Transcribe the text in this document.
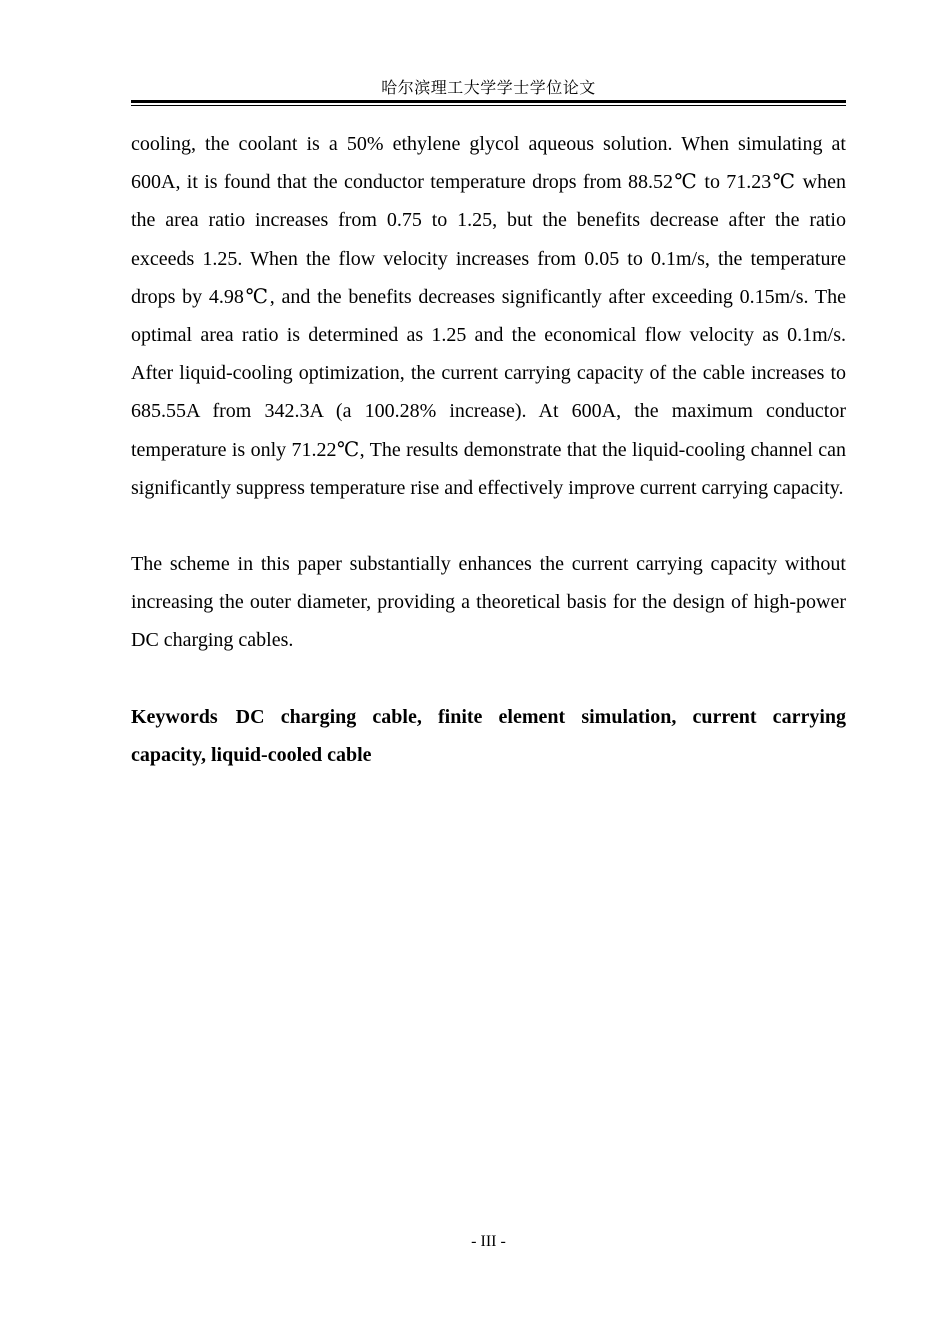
哈尔滨理工大学学士学位论文

cooling, the coolant is a 50% ethylene glycol aqueous solution. When simulating at 600A, it is found that the conductor temperature drops from 88.52℃ to 71.23℃ when the area ratio increases from 0.75 to 1.25, but the benefits decrease after the ratio exceeds 1.25. When the flow velocity increases from 0.05 to 0.1m/s, the temperature drops by 4.98℃, and the benefits decreases significantly after exceeding 0.15m/s. The optimal area ratio is determined as 1.25 and the economical flow velocity as 0.1m/s. After liquid-cooling optimization, the current carrying capacity of the cable increases to 685.55A from 342.3A (a 100.28% increase). At 600A, the maximum conductor temperature is only 71.22℃, The results demonstrate that the liquid-cooling channel can significantly suppress temperature rise and effectively improve current carrying capacity.

The scheme in this paper substantially enhances the current carrying capacity without increasing the outer diameter, providing a theoretical basis for the design of high-power DC charging cables.

Keywords DC charging cable, finite element simulation, current carrying capacity, liquid-cooled cable

- III -
